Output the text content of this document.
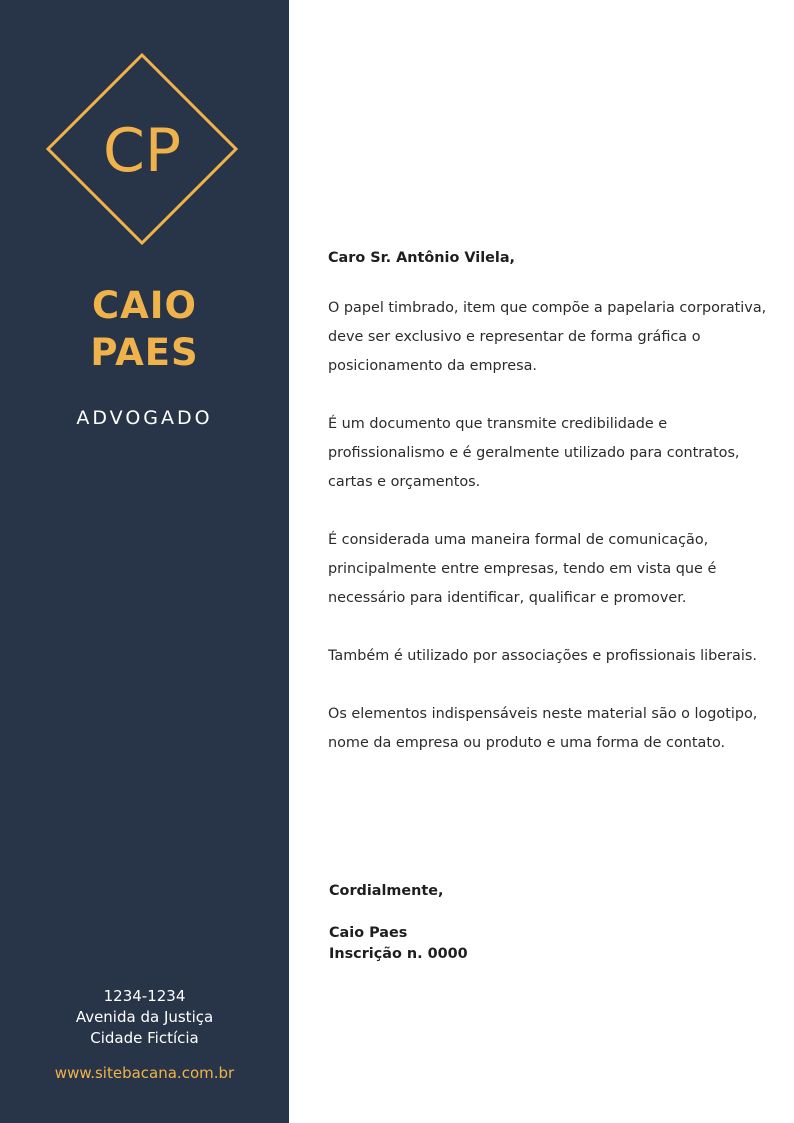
CP
CAIO
PAES
ADVOGADO
1234-1234
Avenida da Justiça
Cidade Fictícia
www.sitebacana.com.br

Caro Sr. Antônio Vilela,

O papel timbrado, item que compõe a papelaria corporativa, deve ser exclusivo e representar de forma gráfica o posicionamento da empresa.

É um documento que transmite credibilidade e profissionalismo e é geralmente utilizado para contratos, cartas e orçamentos.

É considerada uma maneira formal de comunicação, principalmente entre empresas, tendo em vista que é necessário para identificar, qualificar e promover.

Também é utilizado por associações e profissionais liberais.

Os elementos indispensáveis neste material são o logotipo, nome da empresa ou produto e uma forma de contato.

Cordialmente,
Caio Paes
Inscrição n. 0000
